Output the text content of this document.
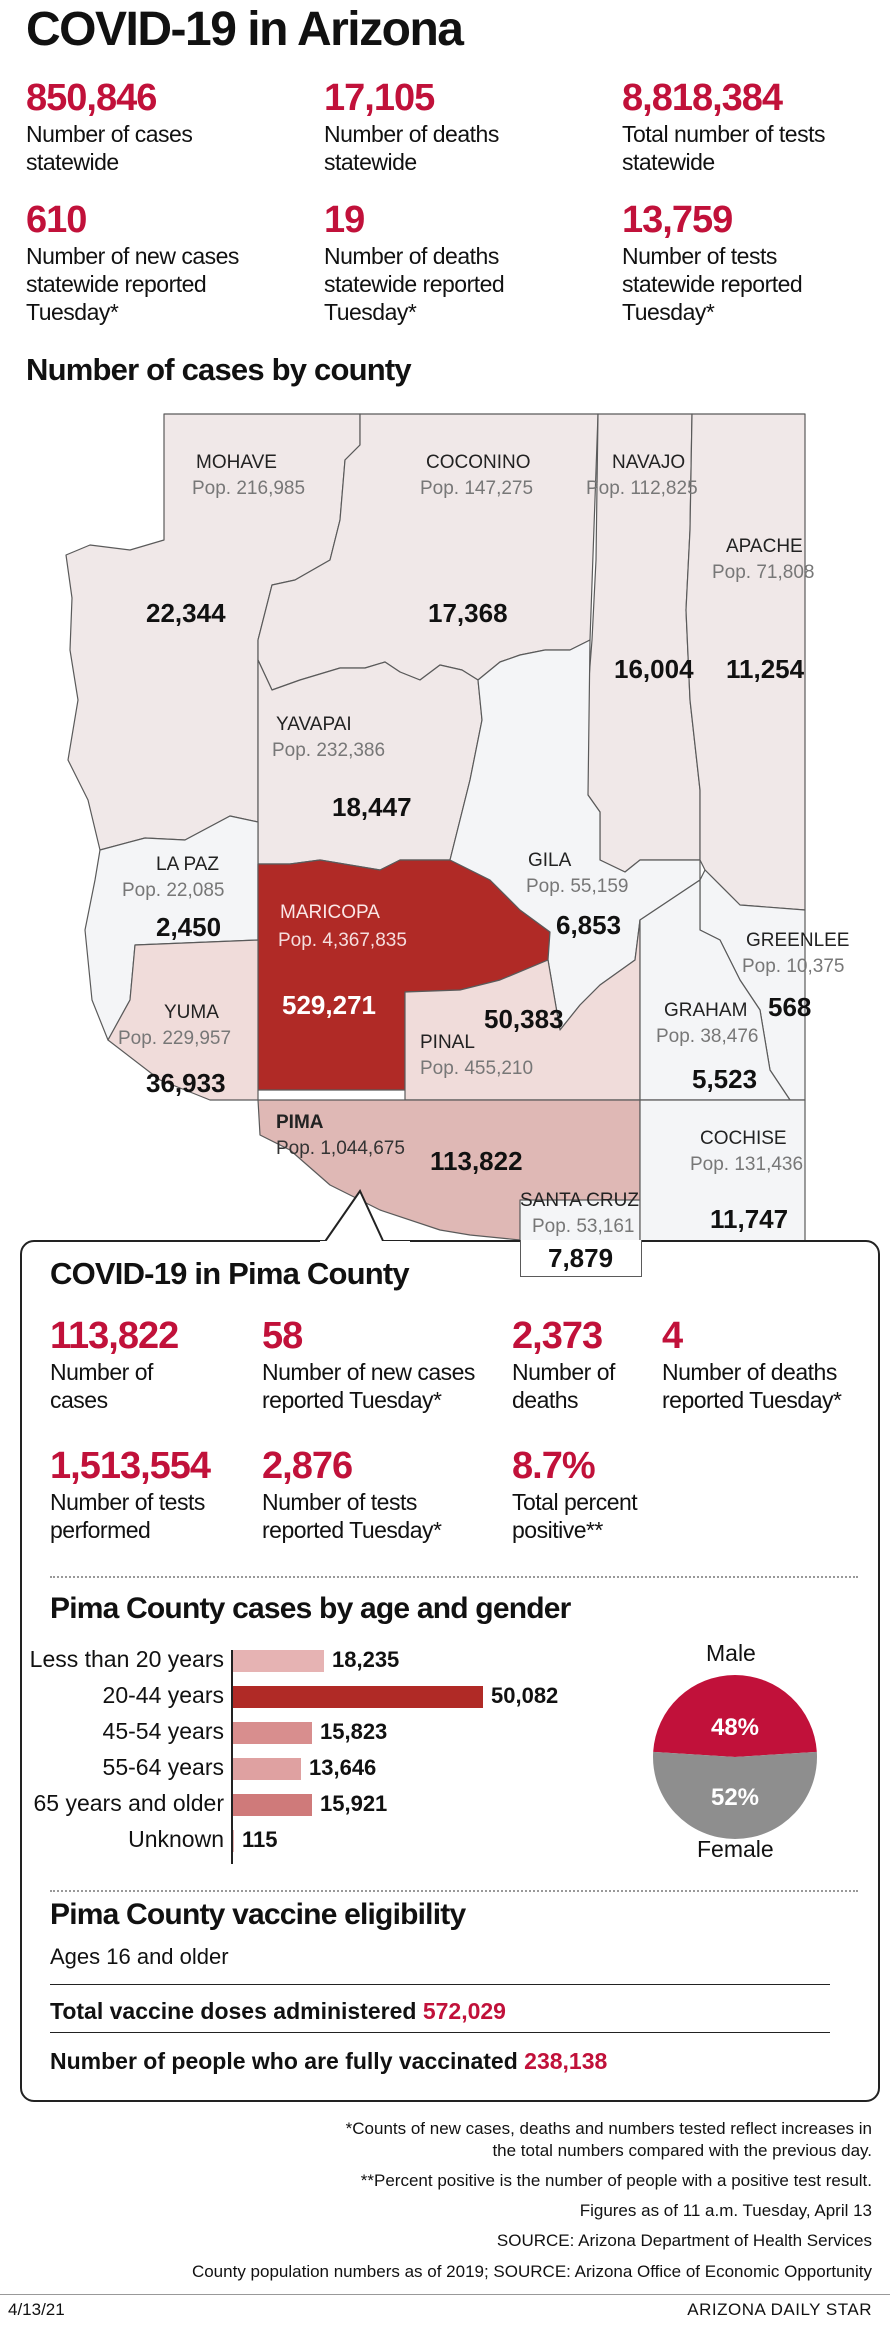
COVID-19 in Arizona
850,846
Number of cases
statewide
17,105
Number of deaths
statewide
8,818,384
Total number of tests
statewide
610
Number of new cases
statewide reported
Tuesday*
19
Number of deaths
statewide reported
Tuesday*
13,759
Number of tests
statewide reported
Tuesday*
Number of cases by county
MOHAVE
Pop. 216,985
22,344
COCONINO
Pop. 147,275
17,368
NAVAJO
Pop. 112,825
16,004
APACHE
Pop. 71,808
11,254
YAVAPAI
Pop. 232,386
18,447
LA PAZ
Pop. 22,085
2,450	MARICOPA
Pop. 4,367,835
529,271
GILA
Pop. 55,159
6,853
GREENLEE
Pop. 10,375
568
YUMA
Pop. 229,957
36,933
PINAL
Pop. 455,210
50,383	GRAHAM
Pop. 38,476
5,523
PIMA
Pop. 1,044,675 113,822
SANTA CRUZ
Pop. 53,161
COCHISE
Pop. 131,436
11,747
7,879
COVID-19 in Pima County
113,822
Number of
cases
58
Number of new cases
reported Tuesday*
2,373
Number of
deaths
4
Number of deaths
reported Tuesday*
1,513,554
Number of tests
performed
2,876
Number of tests
reported Tuesday*
8.7%
Total percent
positive**
Pima County cases by age and gender
Less than 20 years	18,235
20-44 years	50,082
45-54 years	15,823
55-64 years	13,646
65 years and older	15,921
Unknown 115
Male
48%
52%
Female
Pima County vaccine eligibility
Ages 16 and older
Total vaccine doses administered 572,029
Number of people who are fully vaccinated 238,138
*Counts of new cases, deaths and numbers tested reflect increases in
the total numbers compared with the previous day.
**Percent positive is the number of people with a positive test result.
Figures as of 11 a.m. Tuesday, April 13
SOURCE: Arizona Department of Health Services
County population numbers as of 2019; SOURCE: Arizona Office of Economic Opportunity
4/13/21	ARIZONA DAILY STAR
